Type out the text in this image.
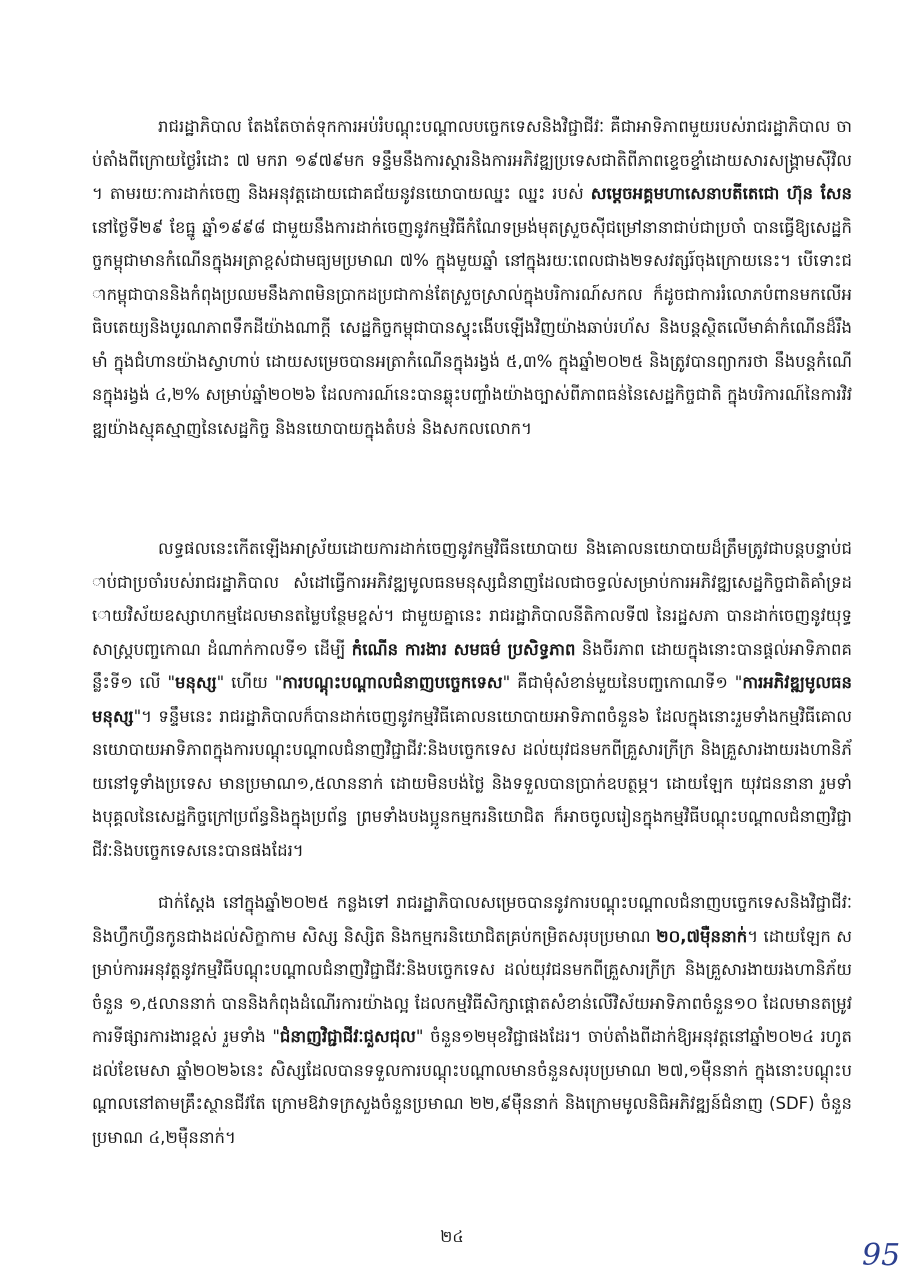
រាជរដ្ឋាភិបាល តែងតែចាត់ទុកការអប់រំបណ្តុះបណ្តាលបច្ចេកទេសនិងវិជ្ជាជីវៈ គឺជាអាទិភាពមួយរបស់រាជរដ្ឋាភិបាល ចាប់តាំងពីក្រោយថ្ងៃរំដោះ ៧ មករា ១៩៧៩មក ទន្ទឹមនឹងការស្តារនិងការអភិវឌ្ឍប្រទេសជាតិពីភាពខ្ទេចខ្ទាំដោយសារសង្គ្រាមស៊ីវិល។ តាមរយៈការដាក់ចេញ និងអនុវត្តដោយជោគជ័យនូវនយោបាយឈ្នះ ឈ្នះ របស់ សម្តេចអគ្គមហាសេនាបតីតេជោ ហ៊ុន សែន នៅថ្ងៃទី២៩ ខែធ្នូ ឆ្នាំ១៩៩៨ ជាមួយនឹងការដាក់ចេញនូវកម្មវិធីកំណែទម្រង់មុតស្រួចស៊ីជម្រៅនានាជាប់ជាប្រចាំ បានធ្វើឱ្យសេដ្ឋកិច្ចកម្ពុជាមានកំណើនក្នុងអត្រាខ្ពស់ជាមធ្យមប្រមាណ ៧% ក្នុងមួយឆ្នាំ នៅក្នុងរយៈពេលជាង២ទសវត្សរ៍ចុងក្រោយនេះ។ បើទោះជាកម្ពុជាបាននិងកំពុងប្រឈមនឹងភាពមិនប្រាកដប្រជាកាន់តែស្រួចស្រាល់ក្នុងបរិការណ៍សកល ក៏ដូចជាការរំលោភបំពានមកលើអធិបតេយ្យនិងបូរណភាពទឹកដីយ៉ាងណាក្តី សេដ្ឋកិច្ចកម្ពុជាបានស្ទុះងើបឡើងវិញយ៉ាងឆាប់រហ័ស និងបន្តស្ថិតលើមាគ៌ាកំណើនដ៏រឹងមាំ ក្នុងជំហានយ៉ាងស្វាហាប់ ដោយសម្រេចបានអត្រាកំណើនក្នុងរង្វង់ ៥,៣% ក្នុងឆ្នាំ២០២៥ និងត្រូវបានព្យាករថា នឹងបន្តកំណើនក្នុងរង្វង់ ៤,២% សម្រាប់ឆ្នាំ២០២៦ ដែលការណ៍នេះបានឆ្លុះបញ្ចាំងយ៉ាងច្បាស់ពីភាពធន់នៃសេដ្ឋកិច្ចជាតិ ក្នុងបរិការណ៍នៃការវិវឌ្ឍយ៉ាងស្មុគស្មាញនៃសេដ្ឋកិច្ច និងនយោបាយក្នុងតំបន់ និងសកលលោក។

លទ្ធផលនេះកើតឡើងអាស្រ័យដោយការដាក់ចេញនូវកម្មវិធីនយោបាយ និងគោលនយោបាយដ៏ត្រឹមត្រូវជាបន្តបន្ទាប់ជាប់ជាប្រចាំរបស់រាជរដ្ឋាភិបាល សំដៅធ្វើការអភិវឌ្ឍមូលធនមនុស្សជំនាញដែលជាចទ្ធល់សម្រាប់ការអភិវឌ្ឍសេដ្ឋកិច្ចជាតិគាំទ្រដោយវិស័យឧស្សាហកម្មដែលមានតម្លៃបន្ថែមខ្ពស់។ ជាមួយគ្នានេះ រាជរដ្ឋាភិបាលនីតិកាលទី៧ នៃរដ្ឋសភា បានដាក់ចេញនូវយុទ្ធសាស្ត្របញ្ចកោណ ដំណាក់កាលទី១ ដើម្បី កំណើន ការងារ សមធម៌ ប្រសិទ្ធភាព និងចីរភាព ដោយក្នុងនោះបានផ្តល់អាទិភាពគន្លឹះទី១ លើ "មនុស្ស" ហើយ "ការបណ្តុះបណ្តាលជំនាញបច្ចេកទេស" គឺជាមុំសំខាន់មួយនៃបញ្ចកោណទី១ "ការអភិវឌ្ឍមូលធនមនុស្ស"។ ទន្ទឹមនេះ រាជរដ្ឋាភិបាលក៏បានដាក់ចេញនូវកម្មវិធីគោលនយោបាយអាទិភាពចំនួន៦ ដែលក្នុងនោះរួមទាំងកម្មវិធីគោលនយោបាយអាទិភាពក្នុងការបណ្តុះបណ្តាលជំនាញវិជ្ជាជីវៈនិងបច្ចេកទេស ដល់យុវជនមកពីគ្រួសារក្រីក្រ និងគ្រួសារងាយរងហានិភ័យនៅទូទាំងប្រទេស មានប្រមាណ១,៥លាននាក់ ដោយមិនបង់ថ្លៃ និងទទួលបានប្រាក់ឧបត្ថម្ភ។ ដោយឡែក យុវជននានា រួមទាំងបុគ្គលនៃសេដ្ឋកិច្ចក្រៅប្រព័ន្ធនិងក្នុងប្រព័ន្ធ ព្រមទាំងបងប្អូនកម្មករនិយោជិត ក៏អាចចូលរៀនក្នុងកម្មវិធីបណ្តុះបណ្តាលជំនាញវិជ្ជាជីវៈនិងបច្ចេកទេសនេះបានផងដែរ។

ជាក់ស្តែង នៅក្នុងឆ្នាំ២០២៥ កន្លងទៅ រាជរដ្ឋាភិបាលសម្រេចបាននូវការបណ្តុះបណ្តាលជំនាញបច្ចេកទេសនិងវិជ្ជាជីវៈ និងហ្វឹកហ្វឺនកូនជាងដល់សិក្ខាកាម សិស្ស និស្សិត និងកម្មករនិយោជិតគ្រប់កម្រិតសរុបប្រមាណ ២០,៧ម៉ឺននាក់។ ដោយឡែក សម្រាប់ការអនុវត្តនូវកម្មវិធីបណ្តុះបណ្តាលជំនាញវិជ្ជាជីវៈនិងបច្ចេកទេស ដល់យុវជនមកពីគ្រួសារក្រីក្រ និងគ្រួសារងាយរងហានិភ័យចំនួន ១,៥លាននាក់ បាននិងកំពុងដំណើរការយ៉ាងល្អ ដែលកម្មវិធីសិក្សាផ្តោតសំខាន់លើវិស័យអាទិភាពចំនួន១០ ដែលមានតម្រូវការទីផ្សារការងារខ្ពស់ រួមទាំង "ជំនាញវិជ្ជាជីវៈជួសជុល" ចំនួន១២មុខវិជ្ជាផងដែរ។ ចាប់តាំងពីដាក់ឱ្យអនុវត្តនៅឆ្នាំ២០២៤ រហូតដល់ខែមេសា ឆ្នាំ២០២៦នេះ សិស្សដែលបានទទួលការបណ្តុះបណ្តាលមានចំនួនសរុបប្រមាណ ២៧,១ម៉ឺននាក់ ក្នុងនោះបណ្តុះបណ្តាលនៅតាមគ្រឹះស្ថានជីវតែ ក្រោមឱវាទក្រសួងចំនួនប្រមាណ ២២,៩ម៉ឺននាក់ និងក្រោមមូលនិធិអភិវឌ្ឍន៍ជំនាញ (SDF) ចំនួនប្រមាណ ៤,២ម៉ឺននាក់។

២៤
95
